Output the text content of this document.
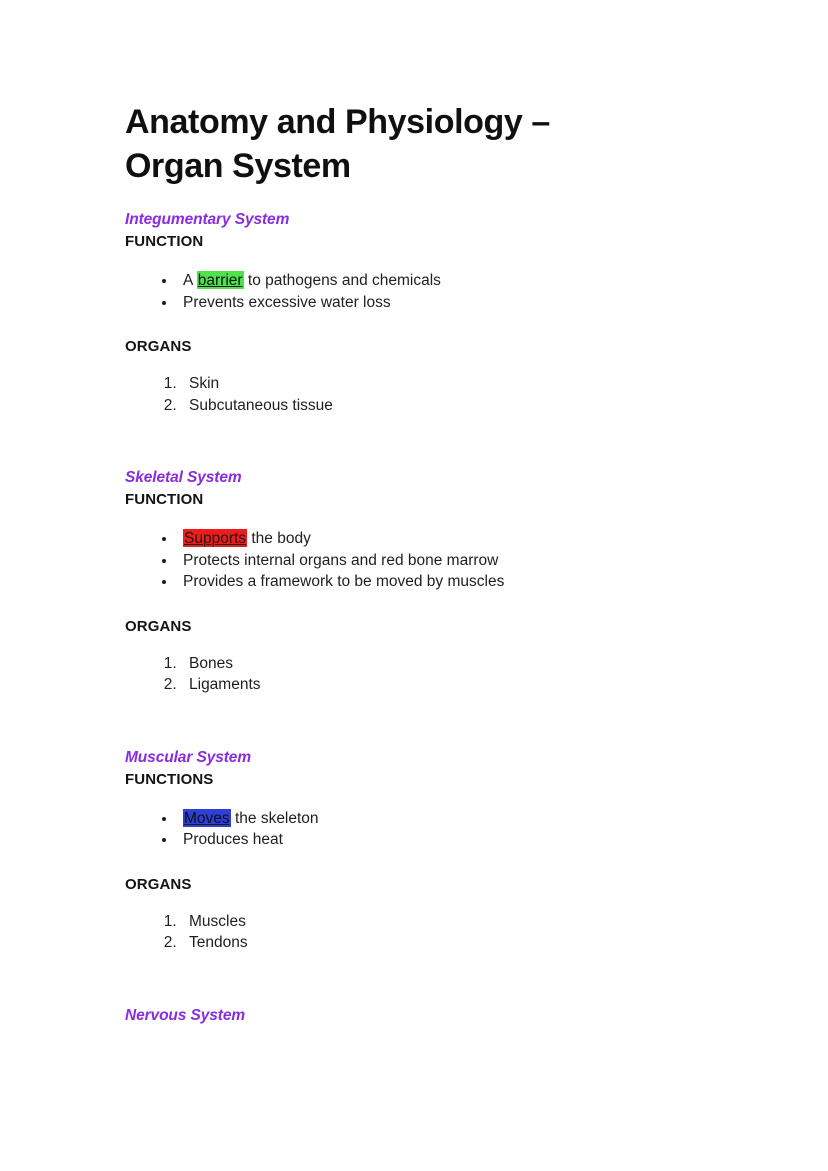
Anatomy and Physiology – Organ System
Integumentary System
FUNCTION
• A barrier to pathogens and chemicals
• Prevents excessive water loss
ORGANS
1. Skin
2. Subcutaneous tissue
Skeletal System
FUNCTION
• Supports the body
• Protects internal organs and red bone marrow
• Provides a framework to be moved by muscles
ORGANS
1. Bones
2. Ligaments
Muscular System
FUNCTIONS
• Moves the skeleton
• Produces heat
ORGANS
1. Muscles
2. Tendons
Nervous System
